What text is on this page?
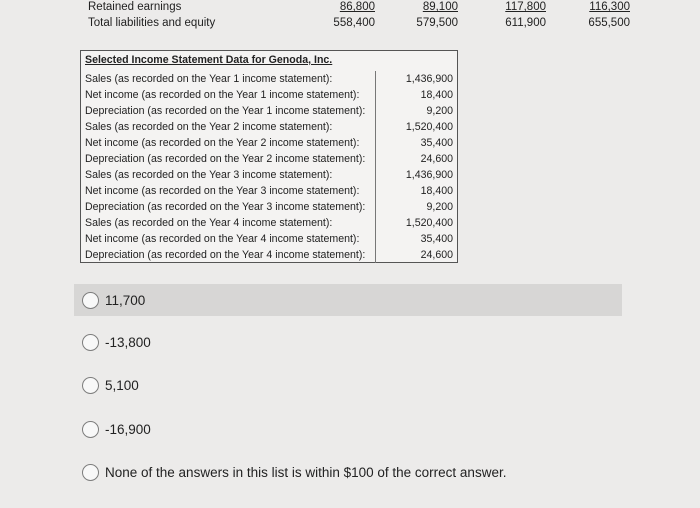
Retained earnings	86,800	89,100	117,800	116,300
Total liabilities and equity	558,400	579,500	611,900	655,500
Selected Income Statement Data for Genoda, Inc.
Sales (as recorded on the Year 1 income statement):	1,436,900
Net income (as recorded on the Year 1 income statement):	18,400
Depreciation (as recorded on the Year 1 income statement):	9,200
Sales (as recorded on the Year 2 income statement):	1,520,400
Net income (as recorded on the Year 2 income statement):	35,400
Depreciation (as recorded on the Year 2 income statement):	24,600
Sales (as recorded on the Year 3 income statement):	1,436,900
Net income (as recorded on the Year 3 income statement):	18,400
Depreciation (as recorded on the Year 3 income statement):	9,200
Sales (as recorded on the Year 4 income statement):	1,520,400
Net income (as recorded on the Year 4 income statement):	35,400
Depreciation (as recorded on the Year 4 income statement):	24,600
11,700
-13,800
5,100
-16,900
None of the answers in this list is within $100 of the correct answer.
